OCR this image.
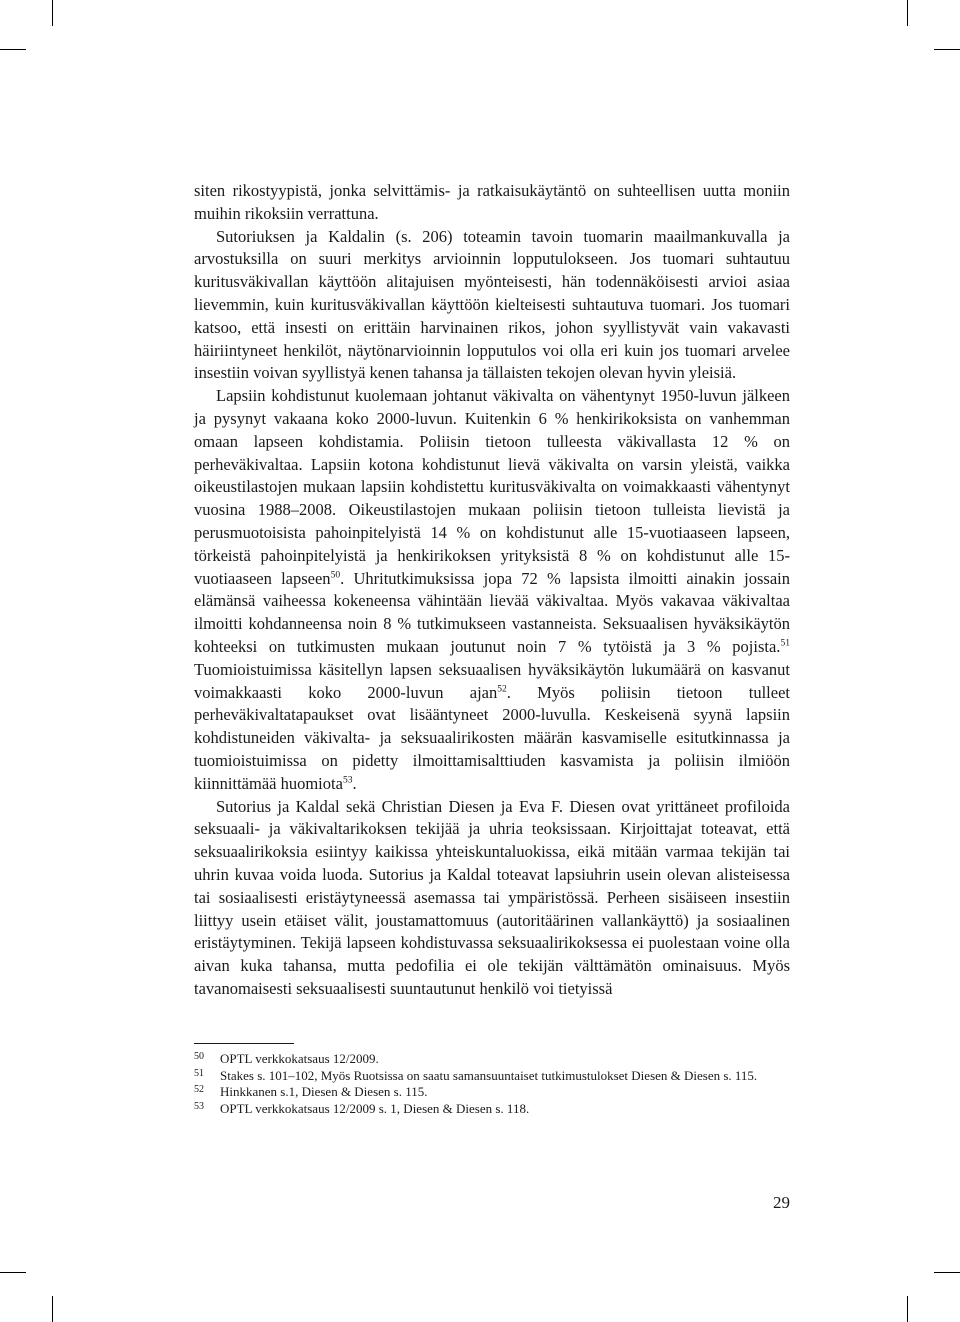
siten rikostyypistä, jonka selvittämis- ja ratkaisukäytäntö on suhteellisen uutta moniin muihin rikoksiin verrattuna.

Sutoriuksen ja Kaldalin (s. 206) toteamin tavoin tuomarin maailmankuvalla ja arvostuksilla on suuri merkitys arvioinnin lopputulokseen. Jos tuomari suhtautuu kuritusväkivallan käyttöön alitajuisen myönteisesti, hän todennäköisesti arvioi asiaa lievemmin, kuin kuritusväkivallan käyttöön kielteisesti suhtautuva tuomari. Jos tuomari katsoo, että insesti on erittäin harvinainen rikos, johon syyllistyvät vain vakavasti häiriintyneet henkilöt, näytönarvioinnin lopputulos voi olla eri kuin jos tuomari arvelee insestiin voivan syyllistyä kenen tahansa ja tällaisten tekojen olevan hyvin yleisiä.

Lapsiin kohdistunut kuolemaan johtanut väkivalta on vähentynyt 1950-luvun jälkeen ja pysynyt vakaana koko 2000-luvun. Kuitenkin 6 % henkirikoksista on vanhemman omaan lapseen kohdistamia. Poliisin tietoon tulleesta väkivallasta 12 % on perheväkivaltaa. Lapsiin kotona kohdistunut lievä väkivalta on varsin yleistä, vaikka oikeustilastojen mukaan lapsiin kohdistettu kuritusväkivalta on voimakkaasti vähentynyt vuosina 1988–2008. Oikeustilastojen mukaan poliisin tietoon tulleista lievistä ja perusmuotoisista pahoinpitelyistä 14 % on kohdistunut alle 15-vuotiaaseen lapseen, törkeistä pahoinpitelyistä ja henkirikoksen yrityksistä 8 % on kohdistunut alle 15-vuotiaaseen lapseen$^{50}$. Uhritutkimuksissa jopa 72 % lapsista ilmoitti ainakin jossain elämänsä vaiheessa kokeneensa vähintään lievää väkivaltaa. Myös vakavaa väkivaltaa ilmoitti kohdanneensa noin 8 % tutkimukseen vastanneista. Seksuaalisen hyväksikäytön kohteeksi on tutkimusten mukaan joutunut noin 7 % tytöistä ja 3 % pojista.$^{51}$ Tuomioistuimissa käsitellyn lapsen seksuaalisen hyväksikäytön lukumäärä on kasvanut voimakkaasti koko 2000-luvun ajan$^{52}$. Myös poliisin tietoon tulleet perheväkivaltatapaukset ovat lisääntyneet 2000-luvulla. Keskeisenä syynä lapsiin kohdistuneiden väkivalta- ja seksuaalirikosten määrän kasvamiselle esitutkinnassa ja tuomioistuimissa on pidetty ilmoittamisalttiuden kasvamista ja poliisin ilmiöön kiinnittämää huomiota$^{53}$.

Sutorius ja Kaldal sekä Christian Diesen ja Eva F. Diesen ovat yrittäneet profiloida seksuaali- ja väkivaltarikoksen tekijää ja uhria teoksissaan. Kirjoittajat toteavat, että seksuaalirikoksia esiintyy kaikissa yhteiskuntaluokissa, eikä mitään varmaa tekijän tai uhrin kuvaa voida luoda. Sutorius ja Kaldal toteavat lapsiuhrin usein olevan alisteisessa tai sosiaalisesti eristäytyneessä asemassa tai ympäristössä. Perheen sisäiseen insestiin liittyy usein etäiset välit, joustamattomuus (autoritäärinen vallankäyttö) ja sosiaalinen eristäytyminen. Tekijä lapseen kohdistuvassa seksuaalirikoksessa ei puolestaan voine olla aivan kuka tahansa, mutta pedofilia ei ole tekijän välttämätön ominaisuus. Myös tavanomaisesti seksuaalisesti suuntautunut henkilö voi tietyissä

50	OPTL verkkokatsaus 12/2009.
51	Stakes s. 101–102, Myös Ruotsissa on saatu samansuuntaiset tutkimustulokset Diesen & Diesen s. 115.
52	Hinkkanen s.1, Diesen & Diesen s. 115.
53	OPTL verkkokatsaus 12/2009 s. 1, Diesen & Diesen s. 118.
29
